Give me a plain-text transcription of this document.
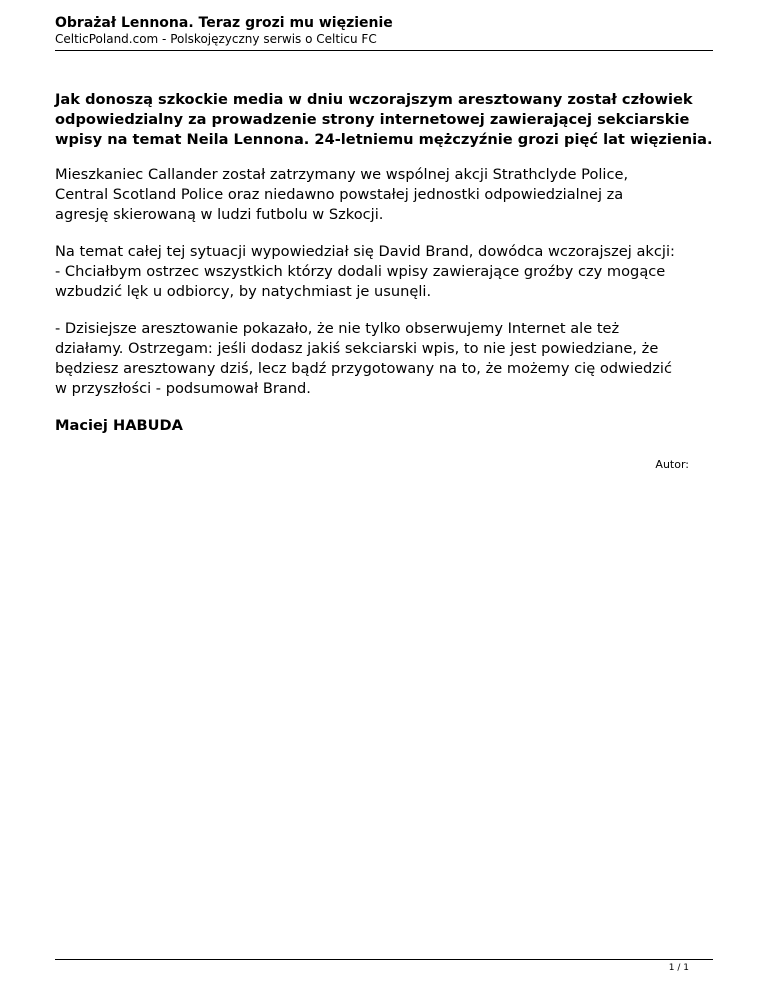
Obrażał Lennona. Teraz grozi mu więzienie
CelticPoland.com - Polskojęzyczny serwis o Celticu FC

Jak donoszą szkockie media w dniu wczorajszym aresztowany został człowiek odpowiedzialny za prowadzenie strony internetowej zawierającej sekciarskie wpisy na temat Neila Lennona. 24-letniemu mężczyźnie grozi pięć lat więzienia.

Mieszkaniec Callander został zatrzymany we wspólnej akcji Strathclyde Police,
Central Scotland Police oraz niedawno powstałej jednostki odpowiedzialnej za
agresję skierowaną w ludzi futbolu w Szkocji.

Na temat całej tej sytuacji wypowiedział się David Brand, dowódca wczorajszej akcji:
- Chciałbym ostrzec wszystkich którzy dodali wpisy zawierające groźby czy mogące
wzbudzić lęk u odbiorcy, by natychmiast je usunęli.

- Dzisiejsze aresztowanie pokazało, że nie tylko obserwujemy Internet ale też
działamy. Ostrzegam: jeśli dodasz jakiś sekciarski wpis, to nie jest powiedziane, że
będziesz aresztowany dziś, lecz bądź przygotowany na to, że możemy cię odwiedzić
w przyszłości - podsumował Brand.

Maciej HABUDA

Autor:
1 / 1
